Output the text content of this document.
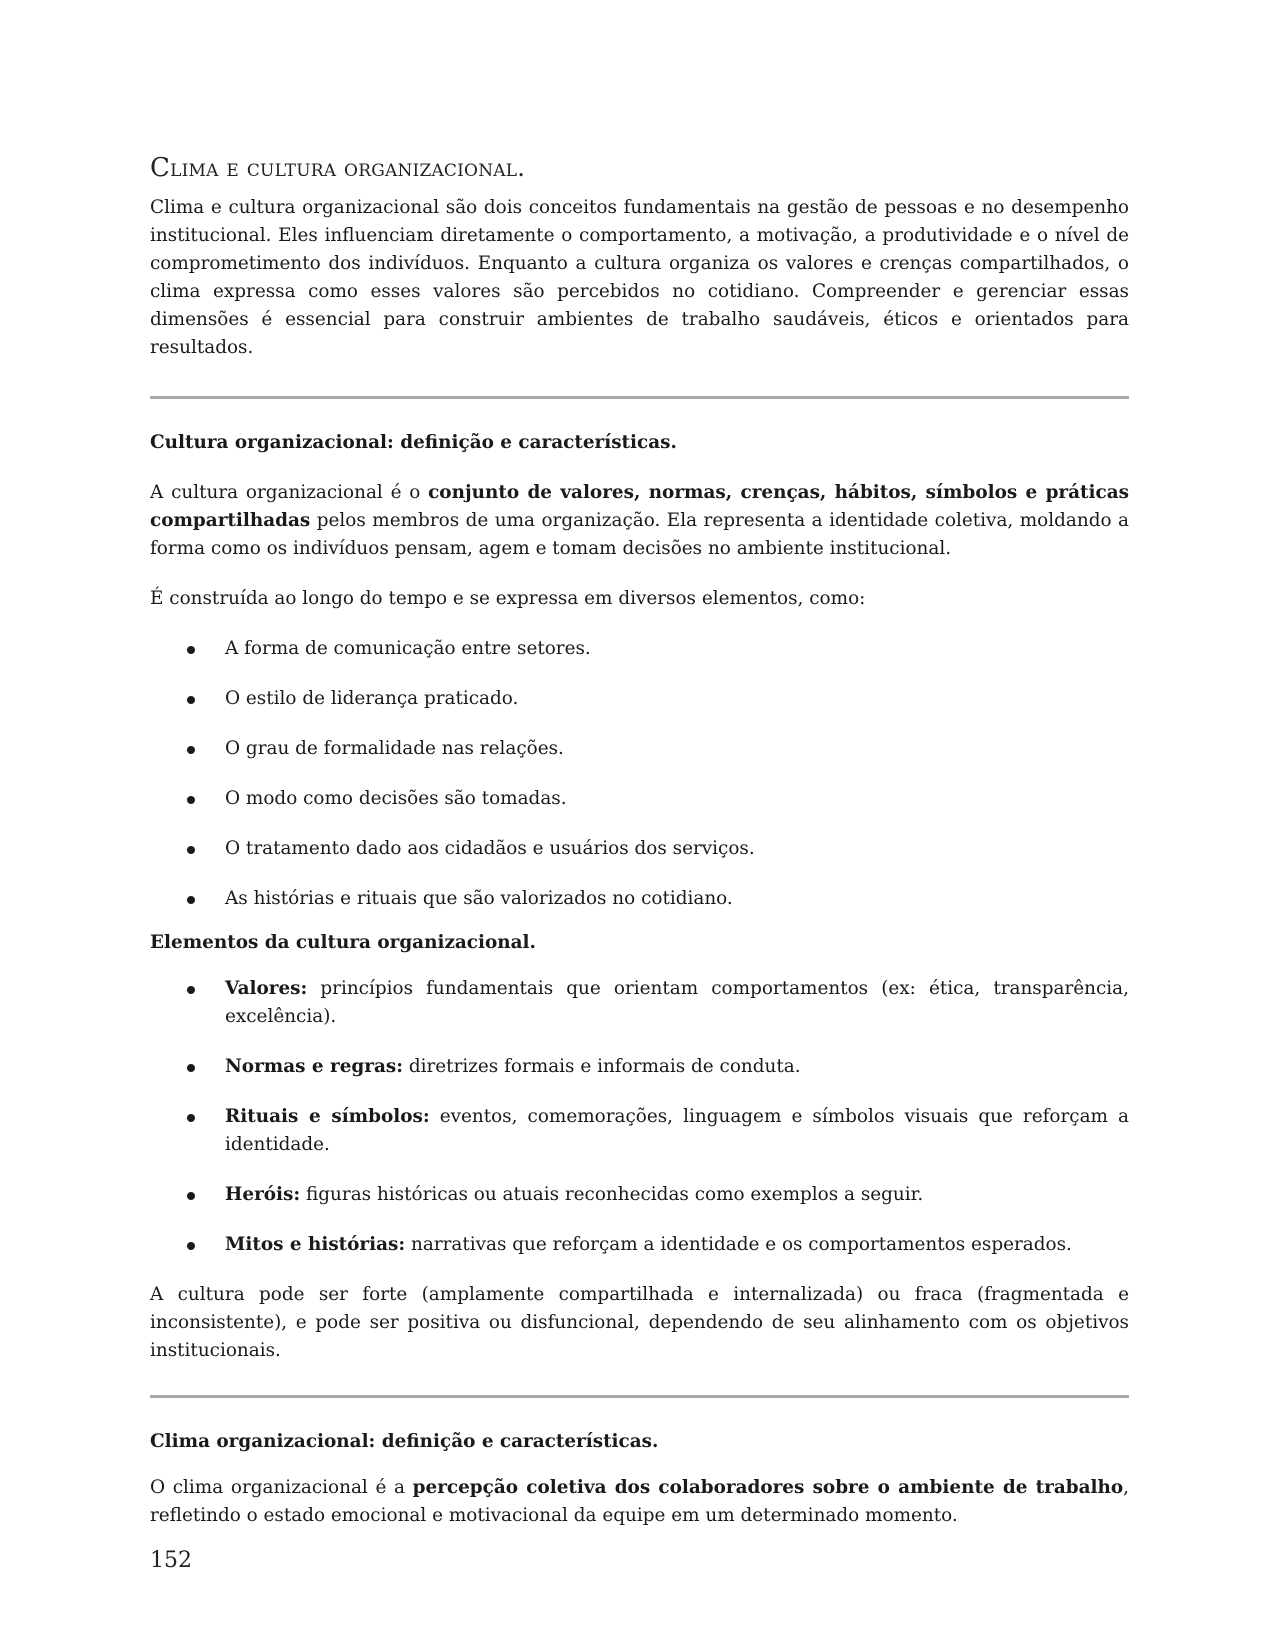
Clima e cultura organizacional.

Clima e cultura organizacional são dois conceitos fundamentais na gestão de pessoas e no desempenho institucional. Eles influenciam diretamente o comportamento, a motivação, a produtividade e o nível de comprometimento dos indivíduos. Enquanto a cultura organiza os valores e crenças compartilhados, o clima expressa como esses valores são percebidos no cotidiano. Compreender e gerenciar essas dimensões é essencial para construir ambientes de trabalho saudáveis, éticos e orientados para resultados.

Cultura organizacional: definição e características.

A cultura organizacional é o conjunto de valores, normas, crenças, hábitos, símbolos e práticas compartilhadas pelos membros de uma organização. Ela representa a identidade coletiva, moldando a forma como os indivíduos pensam, agem e tomam decisões no ambiente institucional.

É construída ao longo do tempo e se expressa em diversos elementos, como:

A forma de comunicação entre setores.
O estilo de liderança praticado.
O grau de formalidade nas relações.
O modo como decisões são tomadas.
O tratamento dado aos cidadãos e usuários dos serviços.
As histórias e rituais que são valorizados no cotidiano.
Elementos da cultura organizacional.
Valores: princípios fundamentais que orientam comportamentos (ex: ética, transparência, excelência).
Normas e regras: diretrizes formais e informais de conduta.
Rituais e símbolos: eventos, comemorações, linguagem e símbolos visuais que reforçam a identidade.
Heróis: figuras históricas ou atuais reconhecidas como exemplos a seguir.
Mitos e histórias: narrativas que reforçam a identidade e os comportamentos esperados.

A cultura pode ser forte (amplamente compartilhada e internalizada) ou fraca (fragmentada e inconsistente), e pode ser positiva ou disfuncional, dependendo de seu alinhamento com os objetivos institucionais.

Clima organizacional: definição e características.

O clima organizacional é a percepção coletiva dos colaboradores sobre o ambiente de trabalho, refletindo o estado emocional e motivacional da equipe em um determinado momento.

152
